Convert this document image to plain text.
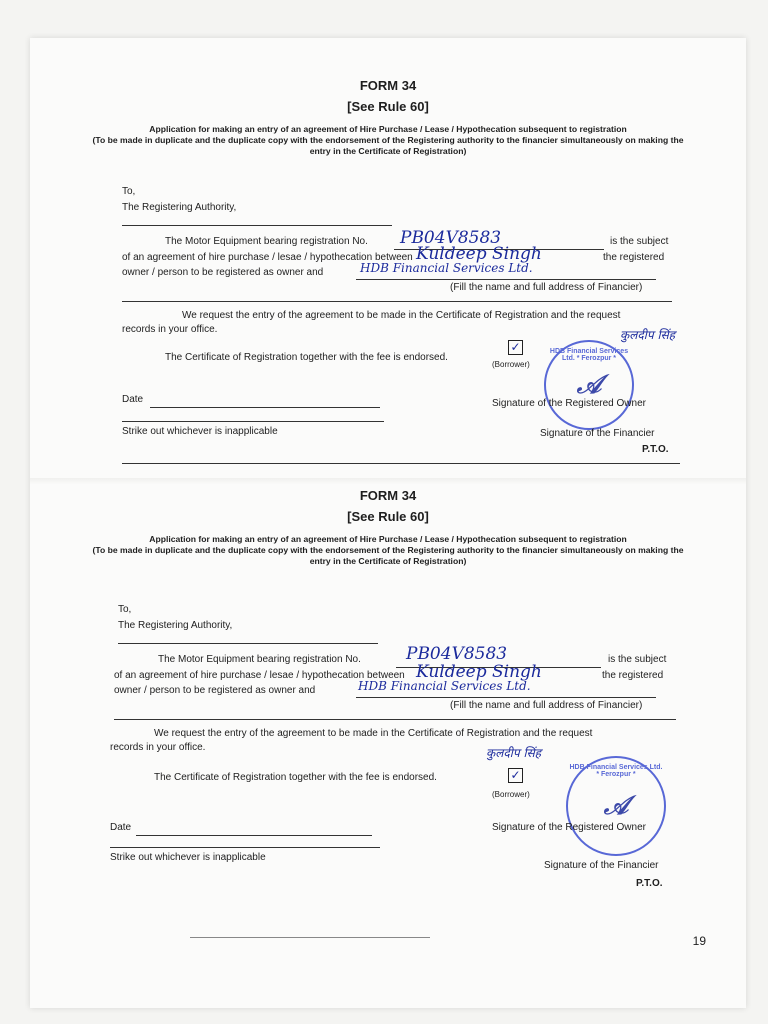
FORM 34

[See Rule 60]

Application for making an entry of an agreement of Hire Purchase / Lease / Hypothecation subsequent to registration

(To be made in duplicate and the duplicate copy with the endorsement of the Registering authority to the financier simultaneously on making the entry in the Certificate of Registration)

To,
The Registering Authority,
The Motor Equipment bearing registration No. PB04V8583	is the subject
of an agreement of hire purchase / lesae / hypothecation between Kuldeep Singh	the registered
owner / person to be registered as owner and	HDB Financial Services Ltd.
(Fill the name and full address of Financier)
We request the entry of the agreement to be made in the Certificate of Registration and the request
records in your office.	कुलदीप सिंह
The Certificate of Registration together with the fee is endorsed.
✓
(Borrower)
HDB Financial Services Ltd. * Ferozpur *
𝒜
Date	Signature of the Registered Owner
Strike out whichever is inapplicable	Signature of the Financier
P.T.O.

FORM 34

[See Rule 60]

Application for making an entry of an agreement of Hire Purchase / Lease / Hypothecation subsequent to registration

(To be made in duplicate and the duplicate copy with the endorsement of the Registering authority to the financier simultaneously on making the entry in the Certificate of Registration)

To,
The Registering Authority,
The Motor Equipment bearing registration No.	PB04V8583	is the subject
of an agreement of hire purchase / lesae / hypothecation between Kuldeep Singh	the registered
owner / person to be registered as owner and	HDB Financial Services Ltd.
(Fill the name and full address of Financier)
We request the entry of the agreement to be made in the Certificate of Registration and the request
records in your office.	कुलदीप सिंह
The Certificate of Registration together with the fee is endorsed.	✓
(Borrower)
HDB Financial Services Ltd. * Ferozpur *
𝒜
Date	Signature of the Registered Owner
Strike out whichever is inapplicable
Signature of the Financier
P.T.O.
19
